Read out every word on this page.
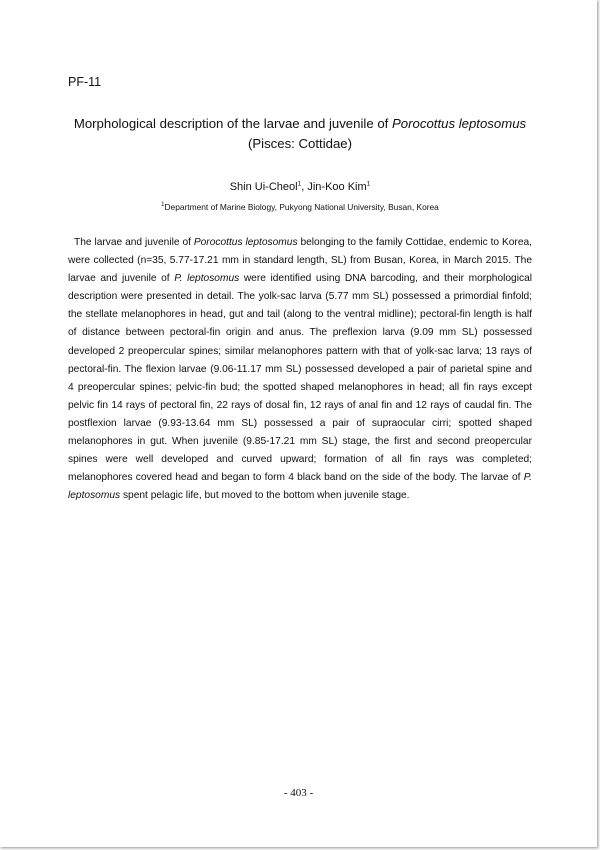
PF-11
Morphological description of the larvae and juvenile of Porocottus leptosomus
(Pisces: Cottidae)
Shin Ui-Cheol$^1$, Jin-Koo Kim$^1$
$^1$Department of Marine Biology, Pukyong National University, Busan, Korea
The larvae and juvenile of Porocottus leptosomus belonging to the family Cottidae, endemic to Korea,
were collected (n=35, 5.77-17.21 mm in standard length, SL) from Busan, Korea, in March 2015. The
larvae and juvenile of P. leptosomus were identified using DNA barcoding, and their morphological
description were presented in detail. The yolk-sac larva (5.77 mm SL) possessed a primordial finfold;
the stellate melanophores in head, gut and tail (along to the ventral midline); pectoral-fin length is half
of distance between pectoral-fin origin and anus. The preflexion larva (9.09 mm SL) possessed
developed 2 preopercular spines; similar melanophores pattern with that of yolk-sac larva; 13 rays of
pectoral-fin. The flexion larvae (9.06-11.17 mm SL) possessed developed a pair of parietal spine and
4 preopercular spines; pelvic-fin bud; the spotted shaped melanophores in head; all fin rays except
pelvic fin 14 rays of pectoral fin, 22 rays of dosal fin, 12 rays of anal fin and 12 rays of caudal fin. The
postflexion larvae (9.93-13.64 mm SL) possessed a pair of supraocular cirri; spotted shaped
melanophores in gut. When juvenile (9.85-17.21 mm SL) stage, the first and second preopercular
spines were well developed and curved upward; formation of all fin rays was completed;
melanophores covered head and began to form 4 black band on the side of the body. The larvae of P.
leptosomus spent pelagic life, but moved to the bottom when juvenile stage.
- 403 -
